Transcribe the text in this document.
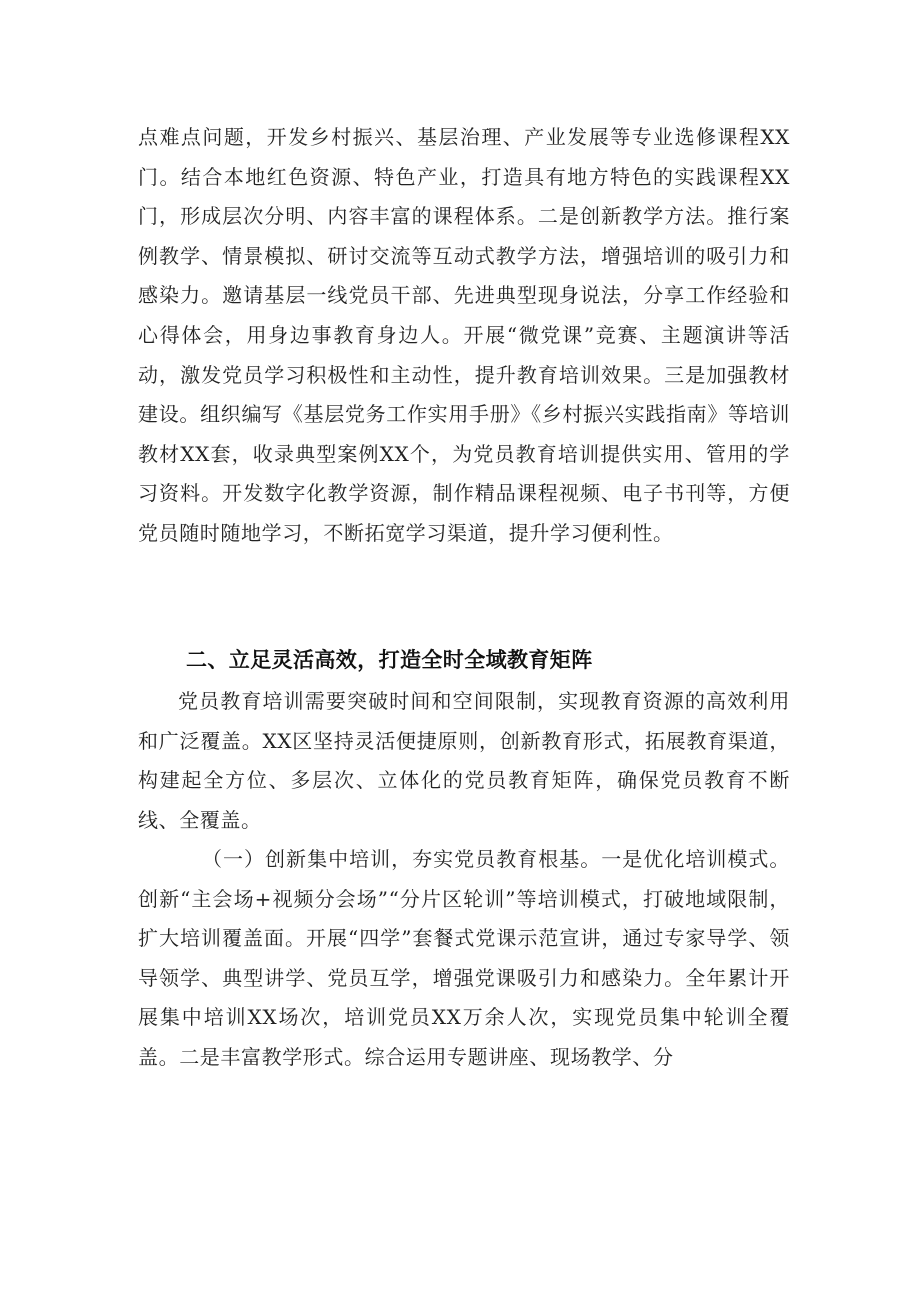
点难点问题，开发乡村振兴、基层治理、产业发展等专业选修课程XX门。结合本地红色资源、特色产业，打造具有地方特色的实践课程XX门，形成层次分明、内容丰富的课程体系。二是创新教学方法。推行案例教学、情景模拟、研讨交流等互动式教学方法，增强培训的吸引力和感染力。邀请基层一线党员干部、先进典型现身说法，分享工作经验和心得体会，用身边事教育身边人。开展“微党课”竞赛、主题演讲等活动，激发党员学习积极性和主动性，提升教育培训效果。三是加强教材建设。组织编写《基层党务工作实用手册》《乡村振兴实践指南》等培训教材XX套，收录典型案例XX个，为党员教育培训提供实用、管用的学习资料。开发数字化教学资源，制作精品课程视频、电子书刊等，方便党员随时随地学习，不断拓宽学习渠道，提升学习便利性。

二、立足灵活高效，打造全时全域教育矩阵

党员教育培训需要突破时间和空间限制，实现教育资源的高效利用和广泛覆盖。XX区坚持灵活便捷原则，创新教育形式，拓展教育渠道，构建起全方位、多层次、立体化的党员教育矩阵，确保党员教育不断线、全覆盖。

（一）创新集中培训，夯实党员教育根基。一是优化培训模式。创新“主会场+视频分会场”“分片区轮训”等培训模式，打破地域限制，扩大培训覆盖面。开展“四学”套餐式党课示范宣讲，通过专家导学、领导领学、典型讲学、党员互学，增强党课吸引力和感染力。全年累计开展集中培训XX场次，培训党员XX万余人次，实现党员集中轮训全覆盖。二是丰富教学形式。综合运用专题讲座、现场教学、分
